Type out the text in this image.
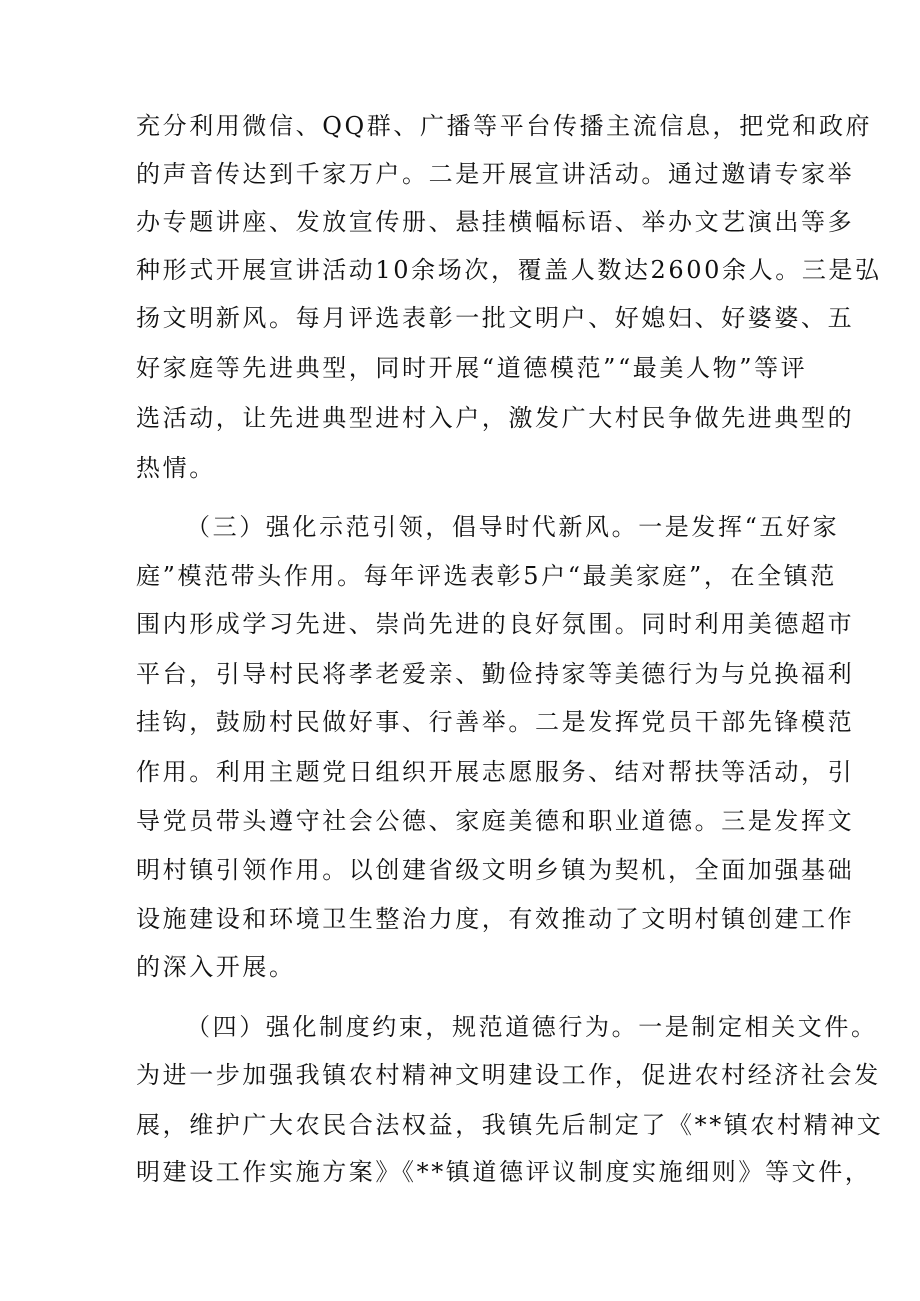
充分利用微信、QQ群、广播等平台传播主流信息，把党和政府
的声音传达到千家万户。二是开展宣讲活动。通过邀请专家举
办专题讲座、发放宣传册、悬挂横幅标语、举办文艺演出等多
种形式开展宣讲活动10余场次，覆盖人数达2600余人。三是弘
扬文明新风。每月评选表彰一批文明户、好媳妇、好婆婆、五
好家庭等先进典型，同时开展“道德模范”“最美人物”等评
选活动，让先进典型进村入户，激发广大村民争做先进典型的
热情。
（三）强化示范引领，倡导时代新风。一是发挥“五好家
庭”模范带头作用。每年评选表彰5户“最美家庭”，在全镇范
围内形成学习先进、崇尚先进的良好氛围。同时利用美德超市
平台，引导村民将孝老爱亲、勤俭持家等美德行为与兑换福利
挂钩，鼓励村民做好事、行善举。二是发挥党员干部先锋模范
作用。利用主题党日组织开展志愿服务、结对帮扶等活动，引
导党员带头遵守社会公德、家庭美德和职业道德。三是发挥文
明村镇引领作用。以创建省级文明乡镇为契机，全面加强基础
设施建设和环境卫生整治力度，有效推动了文明村镇创建工作
的深入开展。
（四）强化制度约束，规范道德行为。一是制定相关文件。
为进一步加强我镇农村精神文明建设工作，促进农村经济社会发
展，维护广大农民合法权益，我镇先后制定了《**镇农村精神文
明建设工作实施方案》《**镇道德评议制度实施细则》等文件，
